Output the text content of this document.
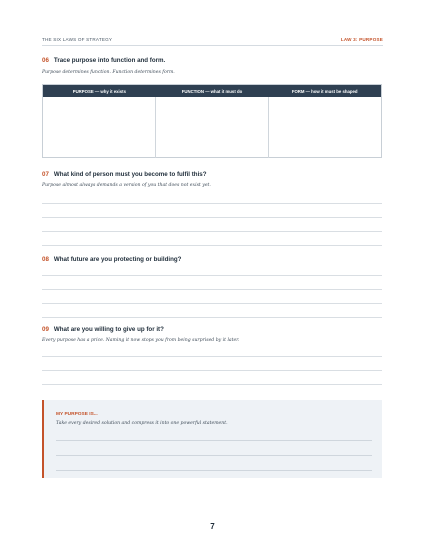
THE SIX LAWS OF STRATEGY	LAW 3: PURPOSE
06 Trace purpose into function and form.
Purpose determines function. Function determines form.
PURPOSE — why it exists	FUNCTION — what it must do	FORM — how it must be shaped
07 What kind of person must you become to fulfil this?
Purpose almost always demands a version of you that does not exist yet.
08 What future are you protecting or building?
09 What are you willing to give up for it?
Every purpose has a price. Naming it now stops you from being surprised by it later.
MY PURPOSE IS...
Take every desired solution and compress it into one powerful statement.
7
